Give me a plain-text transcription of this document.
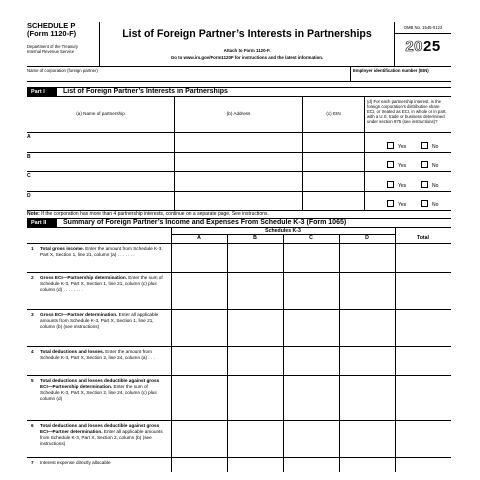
SCHEDULE P
(Form 1120-F)
Department of the Treasury
Internal Revenue Service
List of Foreign Partner’s Interests in Partnerships
Attach to Form 1120-F.
Go to www.irs.gov/Form1120F for instructions and the latest information.
OMB No. 1545-0123
2025
Name of corporation (foreign partner)	Employer identification number (EIN)
Part I	List of Foreign Partner’s Interests in Partnerships
(a) Name of partnership	(b) Address	(c) EIN
(d) For each partnership interest, is the foreign corporation’s distributive share ECI, or treated as ECI, in whole or in part, with a U.S. trade or business determined under section 875 (see instructions)?
A
Yes	No
B
Yes	No
C
Yes	No
D
Yes	No
Note: If the corporation has more than 4 partnership interests, continue on a separate page. See instructions.
Part II	Summary of Foreign Partner’s Income and Expenses From Schedule K-3 (Form 1065)
Schedules K-3
A	B	C	D	Total
1 Total gross income. Enter the amount from Schedule K-3, Part X, Section 1, line 21, column (a) . . . . . . .
2 Gross ECI—Partnership determination. Enter the sum of Schedule K-3, Part X, Section 1, line 21, column (c) plus column (d) . . . . . . . .
3 Gross ECI—Partner determination. Enter all applicable amounts from Schedule K-3, Part X, Section 1, line 21, column (b) (see instructions)
4 Total deductions and losses. Enter the amount from Schedule K-3, Part X, Section 2, line 24, column (a) . . .
5 Total deductions and losses deductible against gross ECI—Partnership determination. Enter the sum of Schedule K-3, Part X, Section 2, line 24, column (c) plus column (d)
6 Total deductions and losses deductible against gross ECI—Partner determination. Enter all applicable amounts from Schedule K-3, Part X, Section 2, column (b) (see instructions)
7 Interest expense directly allocable
